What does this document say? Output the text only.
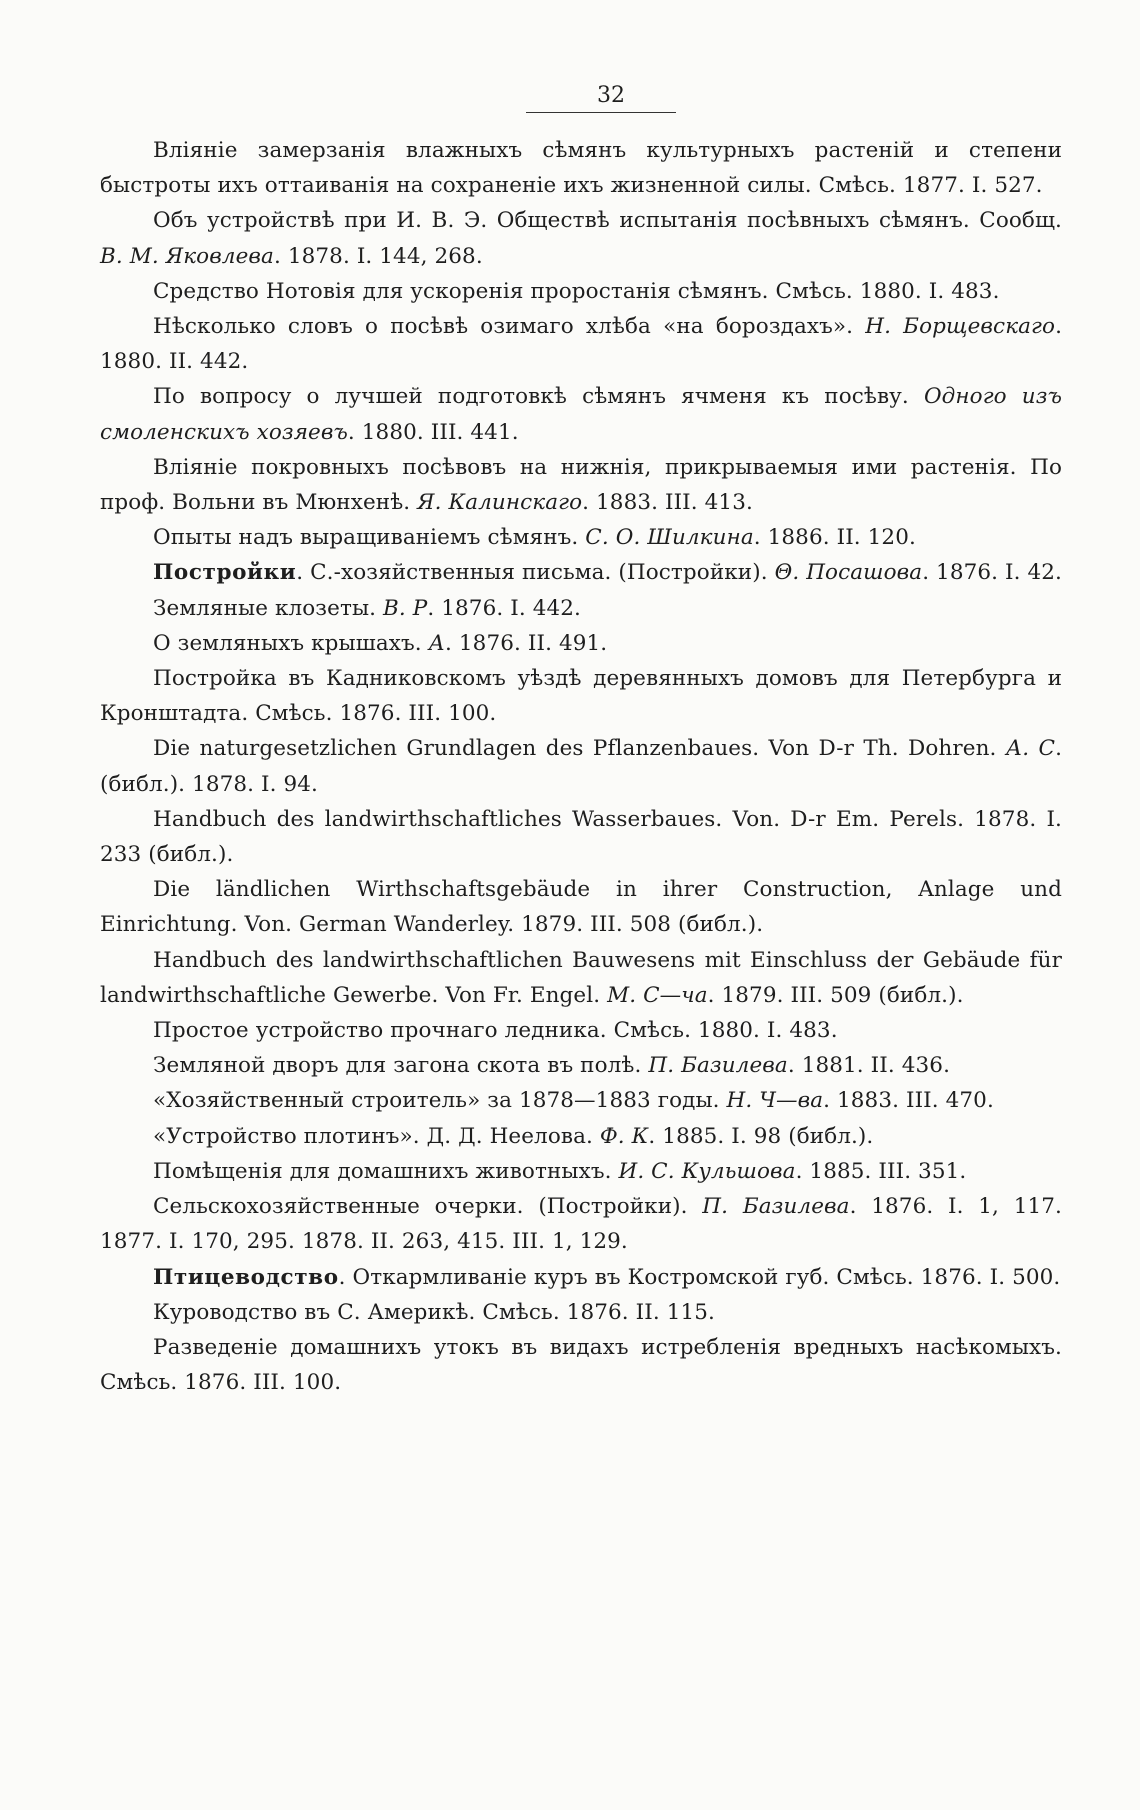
32

Вліяніе замерзанія влажныхъ сѣмянъ культурныхъ растеній и степени быстроты ихъ оттаиванія на сохраненіе ихъ жизненной силы. Смѣсь. 1877. I. 527.

Объ устройствѣ при И. В. Э. Обществѣ испытанія посѣвныхъ сѣмянъ. Сообщ. В. М. Яковлева. 1878. I. 144, 268.

Средство Нотовія для ускоренія проростанія сѣмянъ. Смѣсь. 1880. I. 483.

Нѣсколько словъ о посѣвѣ озимаго хлѣба «на бороздахъ». Н. Борщевскаго. 1880. II. 442.

По вопросу о лучшей подготовкѣ сѣмянъ ячменя къ посѣву. Одного изъ смоленскихъ хозяевъ. 1880. III. 441.

Вліяніе покровныхъ посѣвовъ на нижнія, прикрываемыя ими растенія. По проф. Вольни въ Мюнхенѣ. Я. Калинскаго. 1883. III. 413.

Опыты надъ выращиваніемъ сѣмянъ. С. О. Шилкина. 1886. II. 120.

Постройки. С.-хозяйственныя письма. (Постройки). Θ. Посашова. 1876. I. 42.

Земляные клозеты. В. Р. 1876. I. 442.

О земляныхъ крышахъ. А. 1876. II. 491.

Постройка въ Кадниковскомъ уѣздѣ деревянныхъ домовъ для Петербурга и Кронштадта. Смѣсь. 1876. III. 100.

Die naturgesetzlichen Grundlagen des Pflanzenbaues. Von D-r Th. Dohren. А. С. (библ.). 1878. I. 94.

Handbuch des landwirthschaftliches Wasserbaues. Von. D-r Em. Perels. 1878. I. 233 (библ.).

Die ländlichen Wirthschaftsgebäude in ihrer Construction, Anlage und Einrichtung. Von. German Wanderley. 1879. III. 508 (библ.).

Handbuch des landwirthschaftlichen Bauwesens mit Einschluss der Gebäude für landwirthschaftliche Gewerbe. Von Fr. Engel. М. С—ча. 1879. III. 509 (библ.).

Простое устройство прочнаго ледника. Смѣсь. 1880. I. 483.

Земляной дворъ для загона скота въ полѣ. П. Базилева. 1881. II. 436.

«Хозяйственный строитель» за 1878—1883 годы. Н. Ч—ва. 1883. III. 470.

«Устройство плотинъ». Д. Д. Неелова. Ф. К. 1885. I. 98 (библ.).

Помѣщенія для домашнихъ животныхъ. И. С. Кульшова. 1885. III. 351.

Сельскохозяйственные очерки. (Постройки). П. Базилева. 1876. I. 1, 117. 1877. I. 170, 295. 1878. II. 263, 415. III. 1, 129.

Птицеводство. Откармливаніе куръ въ Костромской губ. Смѣсь. 1876. I. 500.

Куроводство въ С. Америкѣ. Смѣсь. 1876. II. 115.

Разведеніе домашнихъ утокъ въ видахъ истребленія вредныхъ насѣкомыхъ. Смѣсь. 1876. III. 100.
